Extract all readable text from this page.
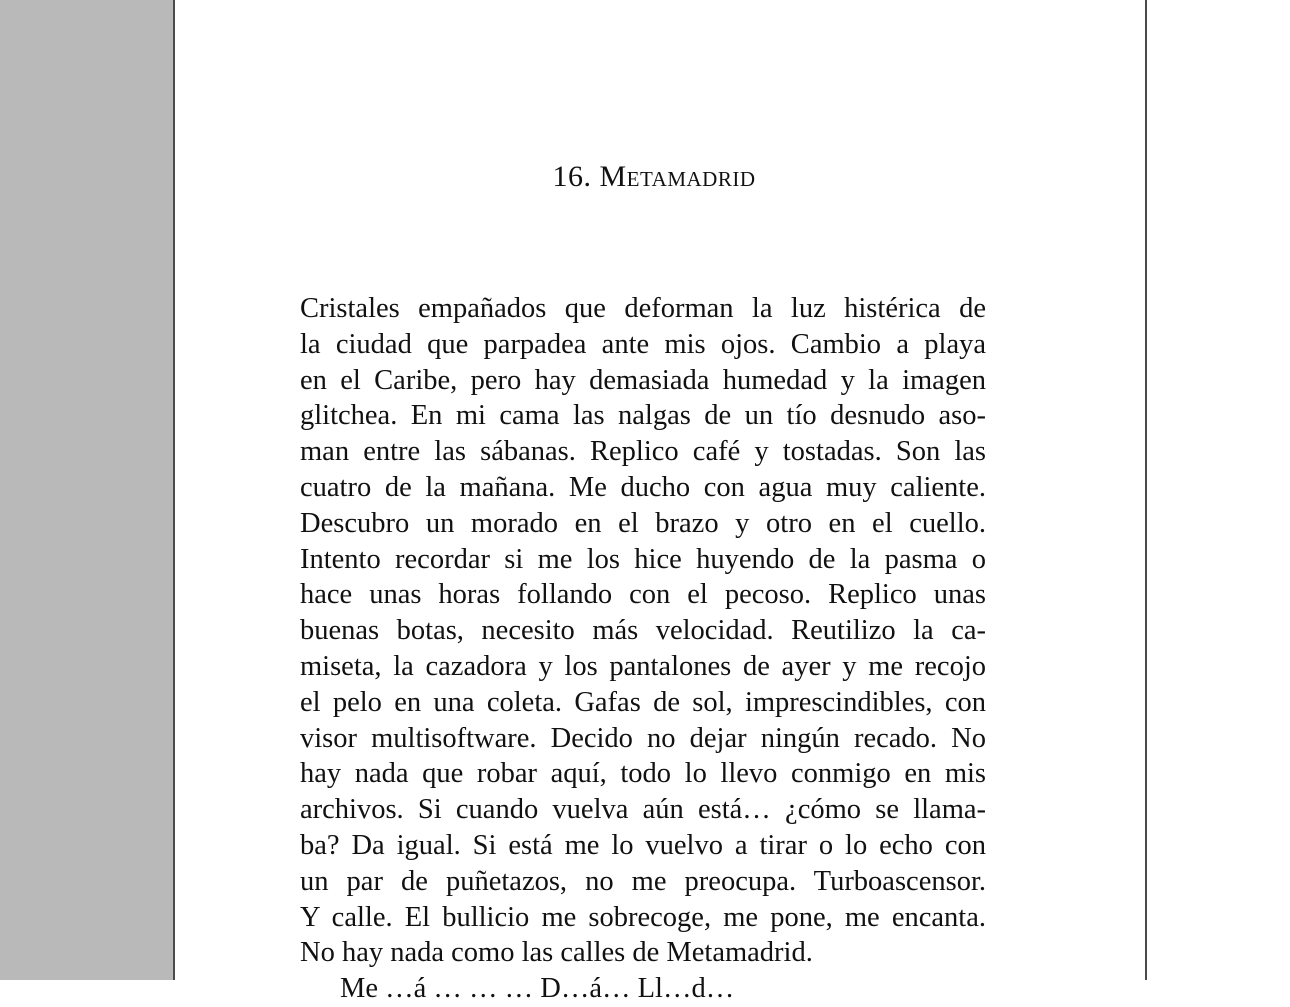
16. Metamadrid
Cristales empañados que deforman la luz histérica de
la ciudad que parpadea ante mis ojos. Cambio a playa
en el Caribe, pero hay demasiada humedad y la imagen
glitchea. En mi cama las nalgas de un tío desnudo aso-
man entre las sábanas. Replico café y tostadas. Son las
cuatro de la mañana. Me ducho con agua muy caliente.
Descubro un morado en el brazo y otro en el cuello.
Intento recordar si me los hice huyendo de la pasma o
hace unas horas follando con el pecoso. Replico unas
buenas botas, necesito más velocidad. Reutilizo la ca-
miseta, la cazadora y los pantalones de ayer y me recojo
el pelo en una coleta. Gafas de sol, imprescindibles, con
visor multisoftware. Decido no dejar ningún recado. No
hay nada que robar aquí, todo lo llevo conmigo en mis
archivos. Si cuando vuelva aún está… ¿cómo se llama-
ba? Da igual. Si está me lo vuelvo a tirar o lo echo con
un par de puñetazos, no me preocupa. Turboascensor.
Y calle. El bullicio me sobrecoge, me pone, me encanta.
No hay nada como las calles de Metamadrid.
Me …á … … … D…á… Ll…d…
